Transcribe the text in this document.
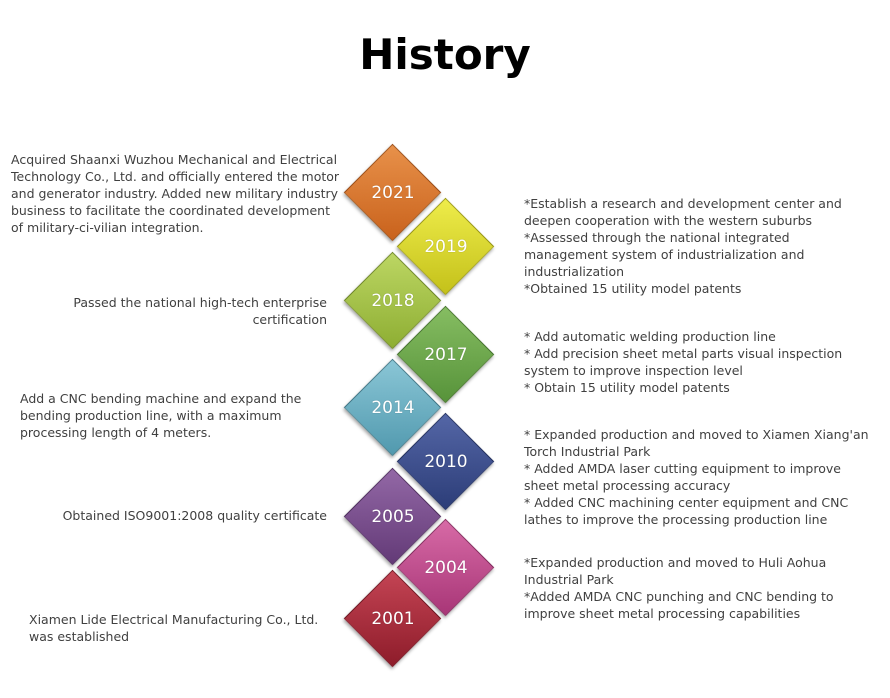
History
2021
2019
2018
2017
2014
2010
2005
2004
2001
Acquired Shaanxi Wuzhou Mechanical and Electrical Technology Co., Ltd. and officially entered the motor and generator industry. Added new military industry business to facilitate the coordinated development of military-ci-vilian integration.
*Establish a research and development center and deepen cooperation with the western suburbs
*Assessed through the national integrated management system of industrialization and industrialization
*Obtained 15 utility model patents
Passed the national high-tech enterprise certification
* Add automatic welding production line
* Add precision sheet metal parts visual inspection system to improve inspection level
* Obtain 15 utility model patents
Add a CNC bending machine and expand the bending production line, with a maximum processing length of 4 meters.	* Expanded production and moved to Xiamen Xiang'an Torch Industrial Park
* Added AMDA laser cutting equipment to improve sheet metal processing accuracy
* Added CNC machining center equipment and CNC lathes to improve the processing production line
Obtained ISO9001:2008 quality certificate
*Expanded production and moved to Huli Aohua Industrial Park
*Added AMDA CNC punching and CNC bending to improve sheet metal processing capabilities
Xiamen Lide Electrical Manufacturing Co., Ltd. was established
